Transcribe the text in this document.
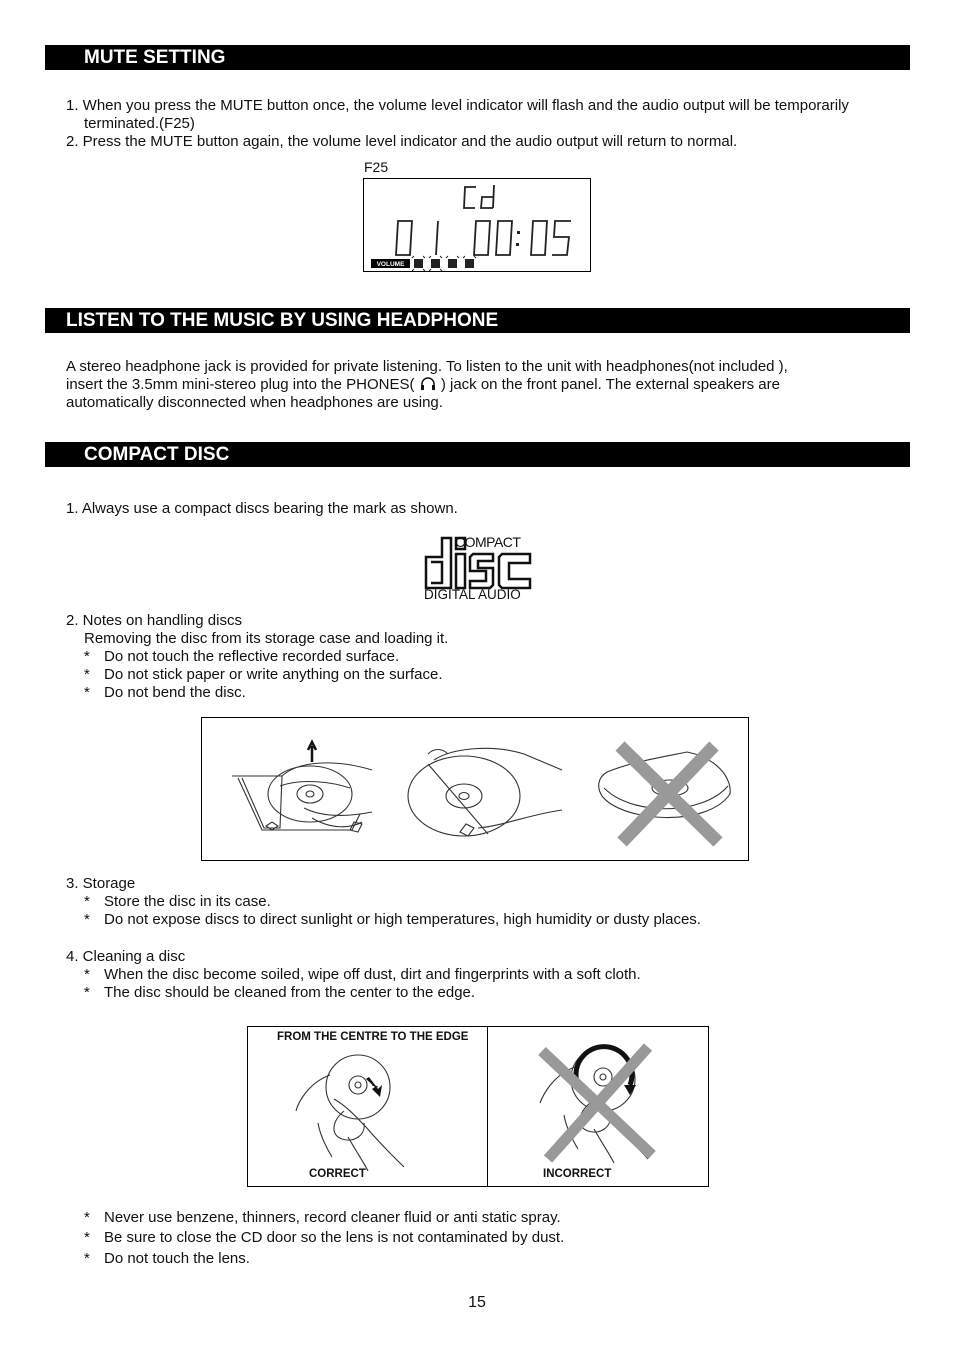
MUTE SETTING
1. When you press the MUTE button once, the volume level indicator will flash and the audio output will be temporarily
terminated.(F25)
2. Press the MUTE button again, the volume level indicator and the audio output will return to normal.
F25
VOLUME
LISTEN TO THE MUSIC BY USING HEADPHONE
A stereo headphone jack is provided for private listening. To listen to the unit with headphones(not included ),
insert the 3.5mm mini-stereo plug into the PHONES( ) jack on the front panel. The external speakers are
automatically disconnected when headphones are using.
COMPACT DISC
1. Always use a compact discs bearing the mark as shown.
COMPACT
DIGITAL AUDIO
2. Notes on handling discs
Removing the disc from its storage case and loading it.
* Do not touch the reflective recorded surface.
* Do not stick paper or write anything on the surface.
* Do not bend the disc.
3. Storage
* Store the disc in its case.
* Do not expose discs to direct sunlight or high temperatures, high humidity or dusty places.
4. Cleaning a disc
* When the disc become soiled, wipe off dust, dirt and fingerprints with a soft cloth.
* The disc should be cleaned from the center to the edge.
FROM THE CENTRE TO THE EDGE
CORRECT	INCORRECT
* Never use benzene, thinners, record cleaner fluid or anti static spray.
* Be sure to close the CD door so the lens is not contaminated by dust.
* Do not touch the lens.
15
